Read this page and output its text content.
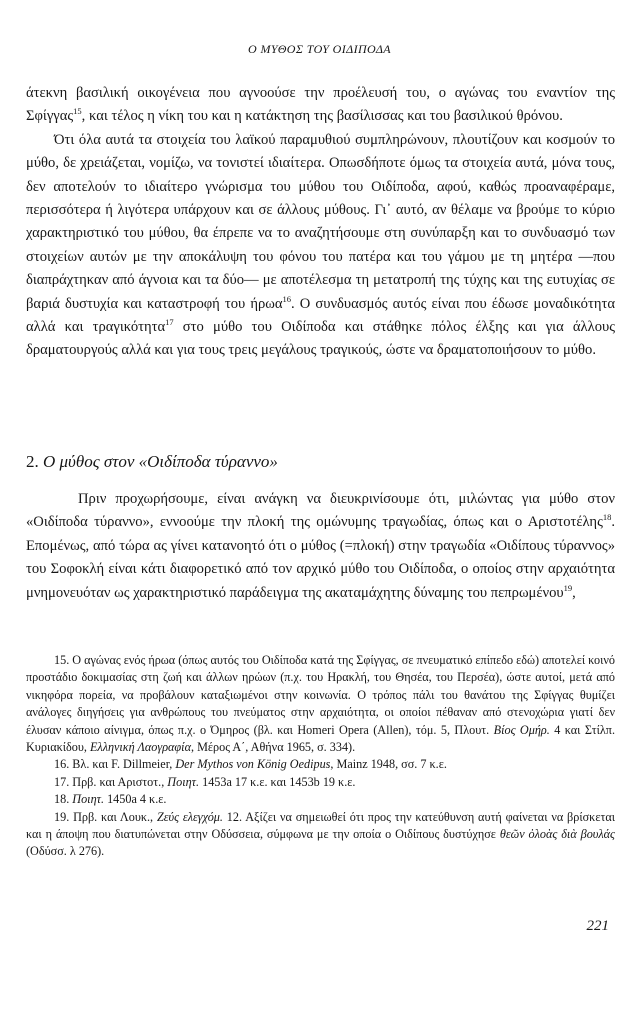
Ο ΜΥΘΟΣ ΤΟΥ ΟΙΔΙΠΟΔΑ

άτεκνη βασιλική οικογένεια που αγνοούσε την προέλευσή του, ο αγώνας του εναντίον της Σφίγγας$^{15}$, και τέλος η νίκη του και η κατάκτηση της βασίλισσας και του βασιλικού θρόνου.

Ότι όλα αυτά τα στοιχεία του λαϊκού παραμυθιού συμπληρώνουν, πλουτίζουν και κοσμούν το μύθο, δε χρειάζεται, νομίζω, να τονιστεί ιδιαίτερα. Οπωσδήποτε όμως τα στοιχεία αυτά, μόνα τους, δεν αποτελούν το ιδιαίτερο γνώρισμα του μύθου του Οιδίποδα, αφού, καθώς προαναφέραμε, περισσότερα ή λιγότερα υπάρχουν και σε άλλους μύθους. Γι᾽ αυτό, αν θέλαμε να βρούμε το κύριο χαρακτηριστικό του μύθου, θα έπρεπε να το αναζητήσουμε στη συνύπαρξη και το συνδυασμό των στοιχείων αυτών με την αποκάλυψη του φόνου του πατέρα και του γάμου με τη μητέρα —που διαπράχτηκαν από άγνοια και τα δύο— με αποτέλεσμα τη μετατροπή της τύχης και της ευτυχίας σε βαριά δυστυχία και καταστροφή του ήρωα$^{16}$. Ο συνδυασμός αυτός είναι που έδωσε μοναδικότητα αλλά και τραγικότητα$^{17}$ στο μύθο του Οιδίποδα και στάθηκε πόλος έλξης και για άλλους δραματουργούς αλλά και για τους τρεις μεγάλους τραγικούς, ώστε να δραματοποιήσουν το μύθο.

2. Ο μύθος στον «Οιδίποδα τύραννο»

Πριν προχωρήσουμε, είναι ανάγκη να διευκρινίσουμε ότι, μιλώντας για μύθο στον «Οιδίποδα τύραννο», εννοούμε την πλοκή της ομώνυμης τραγωδίας, όπως και ο Αριστοτέλης$^{18}$. Επομένως, από τώρα ας γίνει κατανοητό ότι ο μύθος (=πλοκή) στην τραγωδία «Οιδίπους τύραννος» του Σοφοκλή είναι κάτι διαφορετικό από τον αρχικό μύθο του Οιδίποδα, ο οποίος στην αρχαιότητα μνημονευόταν ως χαρακτηριστικό παράδειγμα της ακαταμάχητης δύναμης του πεπρωμένου$^{19}$,

15. Ο αγώνας ενός ήρωα (όπως αυτός του Οιδίποδα κατά της Σφίγγας, σε πνευματικό επίπεδο εδώ) αποτελεί κοινό προστάδιο δοκιμασίας στη ζωή και άλλων ηρώων (π.χ. του Ηρακλή, του Θησέα, του Περσέα), ώστε αυτοί, μετά από νικηφόρα πορεία, να προβάλουν καταξιωμένοι στην κοινωνία. Ο τρόπος πάλι του θανάτου της Σφίγγας θυμίζει ανάλογες διηγήσεις για ανθρώπους του πνεύματος στην αρχαιότητα, οι οποίοι πέθαναν από στενοχώρια γιατί δεν έλυσαν κάποιο αίνιγμα, όπως π.χ. ο Όμηρος (βλ. και Homeri Opera (Allen), τόμ. 5, Πλουτ. Βίος Ομήρ. 4 και Στίλπ. Κυριακίδου, Ελληνική Λαογραφία, Μέρος Α΄, Αθήνα 1965, σ. 334).

16. Βλ. και F. Dillmeier, Der Mythos von König Oedipus, Mainz 1948, σσ. 7 κ.ε.

17. Πρβ. και Αριστοτ., Ποιητ. 1453a 17 κ.ε. και 1453b 19 κ.ε.

18. Ποιητ. 1450a 4 κ.ε.

19. Πρβ. και Λουκ., Ζεύς ελεγχόμ. 12. Αξίζει να σημειωθεί ότι προς την κατεύθυνση αυτή φαίνεται να βρίσκεται και η άποψη που διατυπώνεται στην Οδύσσεια, σύμφωνα με την οποία ο Οιδίπους δυστύχησε θεῶν ὀλοὰς διὰ βουλάς (Οδύσσ. λ 276).

221
